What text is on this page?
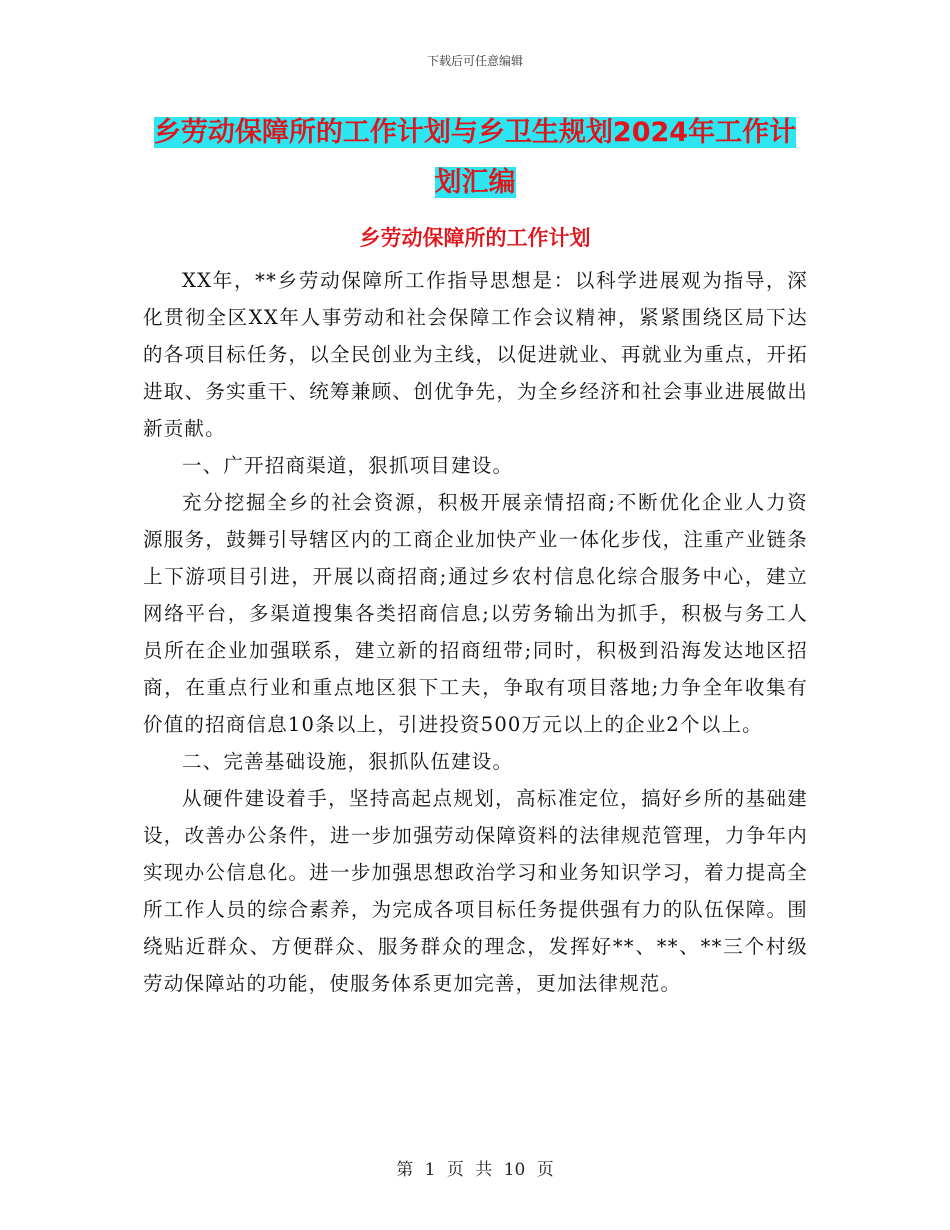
下载后可任意编辑
乡劳动保障所的工作计划与乡卫生规划2024年工作计划汇编
乡劳动保障所的工作计划

XX年，**乡劳动保障所工作指导思想是：以科学进展观为指导，深化贯彻全区XX年人事劳动和社会保障工作会议精神，紧紧围绕区局下达的各项目标任务，以全民创业为主线，以促进就业、再就业为重点，开拓进取、务实重干、统筹兼顾、创优争先，为全乡经济和社会事业进展做出新贡献。

一、广开招商渠道，狠抓项目建设。

充分挖掘全乡的社会资源，积极开展亲情招商;不断优化企业人力资源服务，鼓舞引导辖区内的工商企业加快产业一体化步伐，注重产业链条上下游项目引进，开展以商招商;通过乡农村信息化综合服务中心，建立网络平台，多渠道搜集各类招商信息;以劳务输出为抓手，积极与务工人员所在企业加强联系，建立新的招商纽带;同时，积极到沿海发达地区招商，在重点行业和重点地区狠下工夫，争取有项目落地;力争全年收集有价值的招商信息10条以上，引进投资500万元以上的企业2个以上。

二、完善基础设施，狠抓队伍建设。

从硬件建设着手，坚持高起点规划，高标准定位，搞好乡所的基础建设，改善办公条件，进一步加强劳动保障资料的法律规范管理，力争年内实现办公信息化。进一步加强思想政治学习和业务知识学习，着力提高全所工作人员的综合素养，为完成各项目标任务提供强有力的队伍保障。围绕贴近群众、方便群众、服务群众的理念，发挥好**、**、**三个村级劳动保障站的功能，使服务体系更加完善，更加法律规范。

第 1 页 共 10 页
